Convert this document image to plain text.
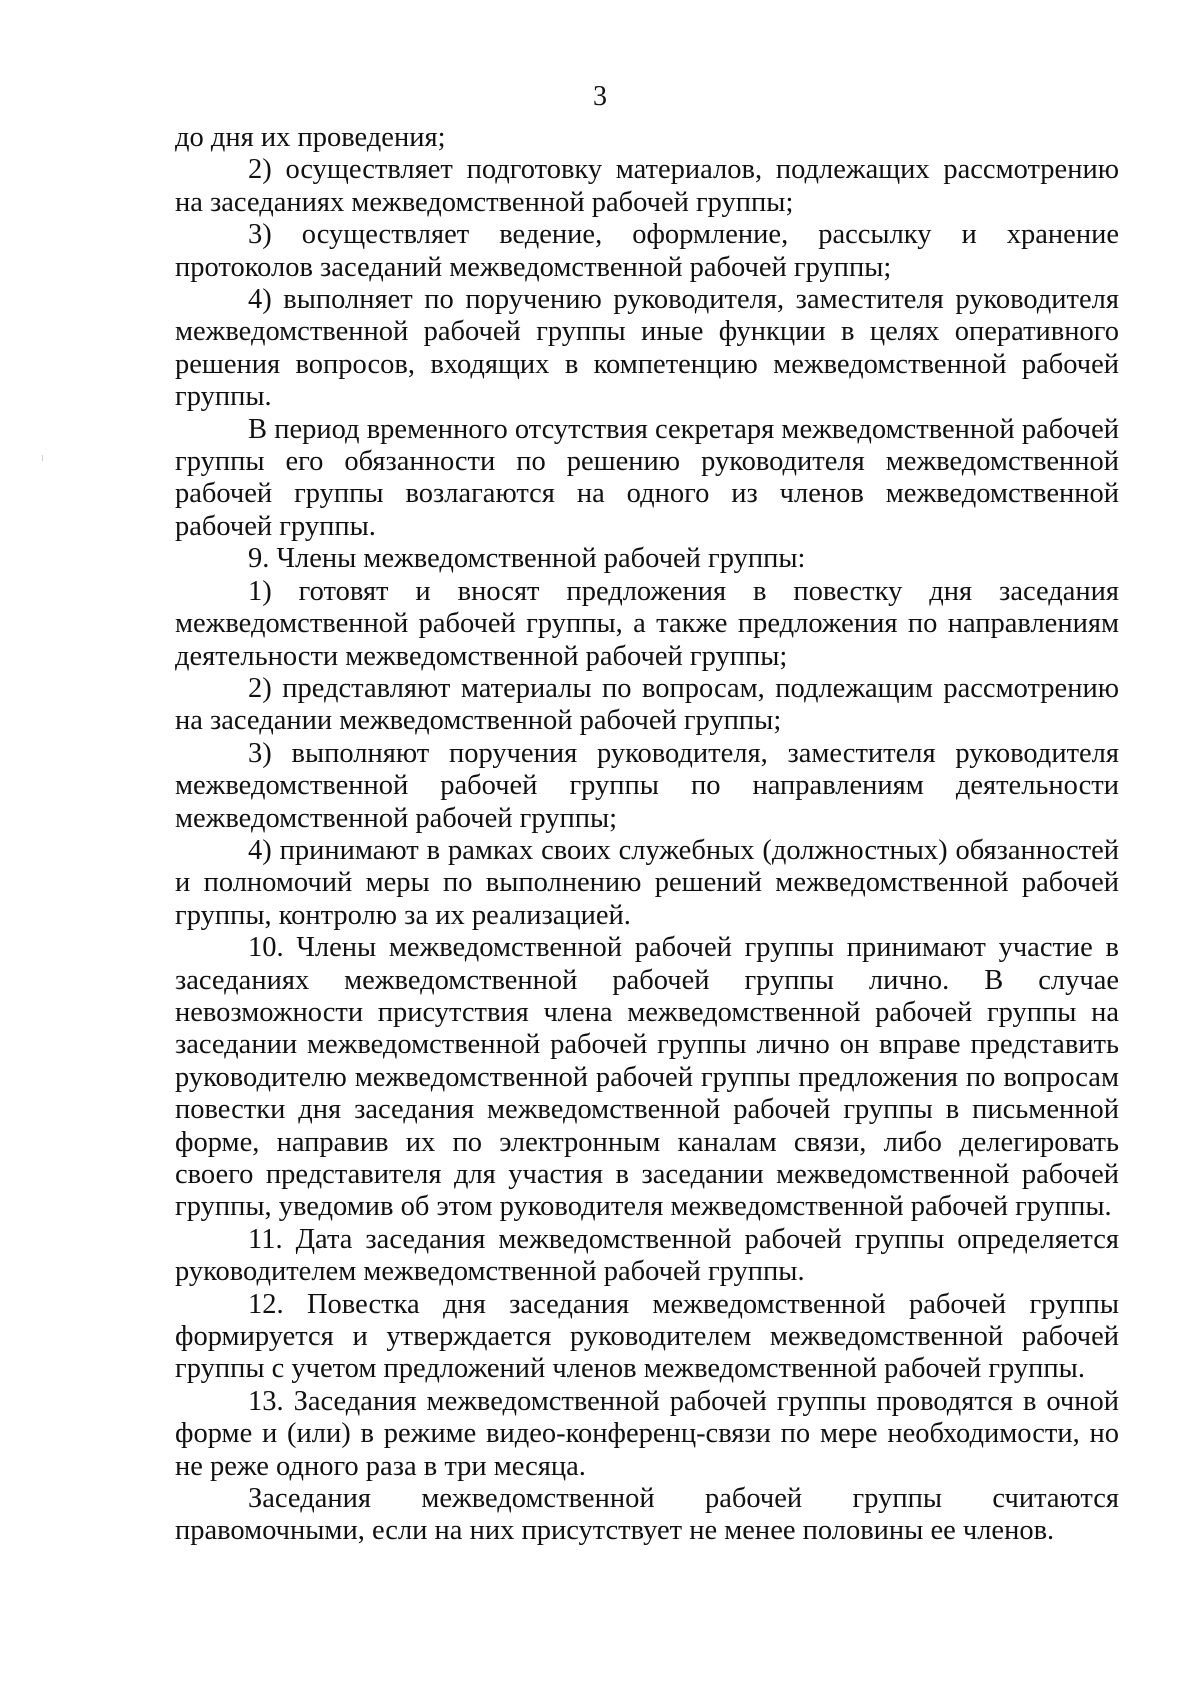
3

до дня их проведения;

2) осуществляет подготовку материалов, подлежащих рассмотрению на заседаниях межведомственной рабочей группы;

3) осуществляет ведение, оформление, рассылку и хранение протоколов заседаний межведомственной рабочей группы;

4) выполняет по поручению руководителя, заместителя руководителя межведомственной рабочей группы иные функции в целях оперативного решения вопросов, входящих в компетенцию межведомственной рабочей группы.

В период временного отсутствия секретаря межведомственной рабочей группы его обязанности по решению руководителя межведомственной рабочей группы возлагаются на одного из членов межведомственной рабочей группы.

9. Члены межведомственной рабочей группы:

1) готовят и вносят предложения в повестку дня заседания межведомственной рабочей группы, а также предложения по направлениям деятельности межведомственной рабочей группы;

2) представляют материалы по вопросам, подлежащим рассмотрению на заседании межведомственной рабочей группы;

3) выполняют поручения руководителя, заместителя руководителя межведомственной рабочей группы по направлениям деятельности межведомственной рабочей группы;

4) принимают в рамках своих служебных (должностных) обязанностей и полномочий меры по выполнению решений межведомственной рабочей группы, контролю за их реализацией.

10. Члены межведомственной рабочей группы принимают участие в заседаниях межведомственной рабочей группы лично. В случае невозможности присутствия члена межведомственной рабочей группы на заседании межведомственной рабочей группы лично он вправе представить руководителю межведомственной рабочей группы предложения по вопросам повестки дня заседания межведомственной рабочей группы в письменной форме, направив их по электронным каналам связи, либо делегировать своего представителя для участия в заседании межведомственной рабочей группы, уведомив об этом руководителя межведомственной рабочей группы.

11. Дата заседания межведомственной рабочей группы определяется руководителем межведомственной рабочей группы.

12. Повестка дня заседания межведомственной рабочей группы формируется и утверждается руководителем межведомственной рабочей группы с учетом предложений членов межведомственной рабочей группы.

13. Заседания межведомственной рабочей группы проводятся в очной форме и (или) в режиме видео-конференц-связи по мере необходимости, но не реже одного раза в три месяца.

Заседания межведомственной рабочей группы считаются правомочными, если на них присутствует не менее половины ее членов.
